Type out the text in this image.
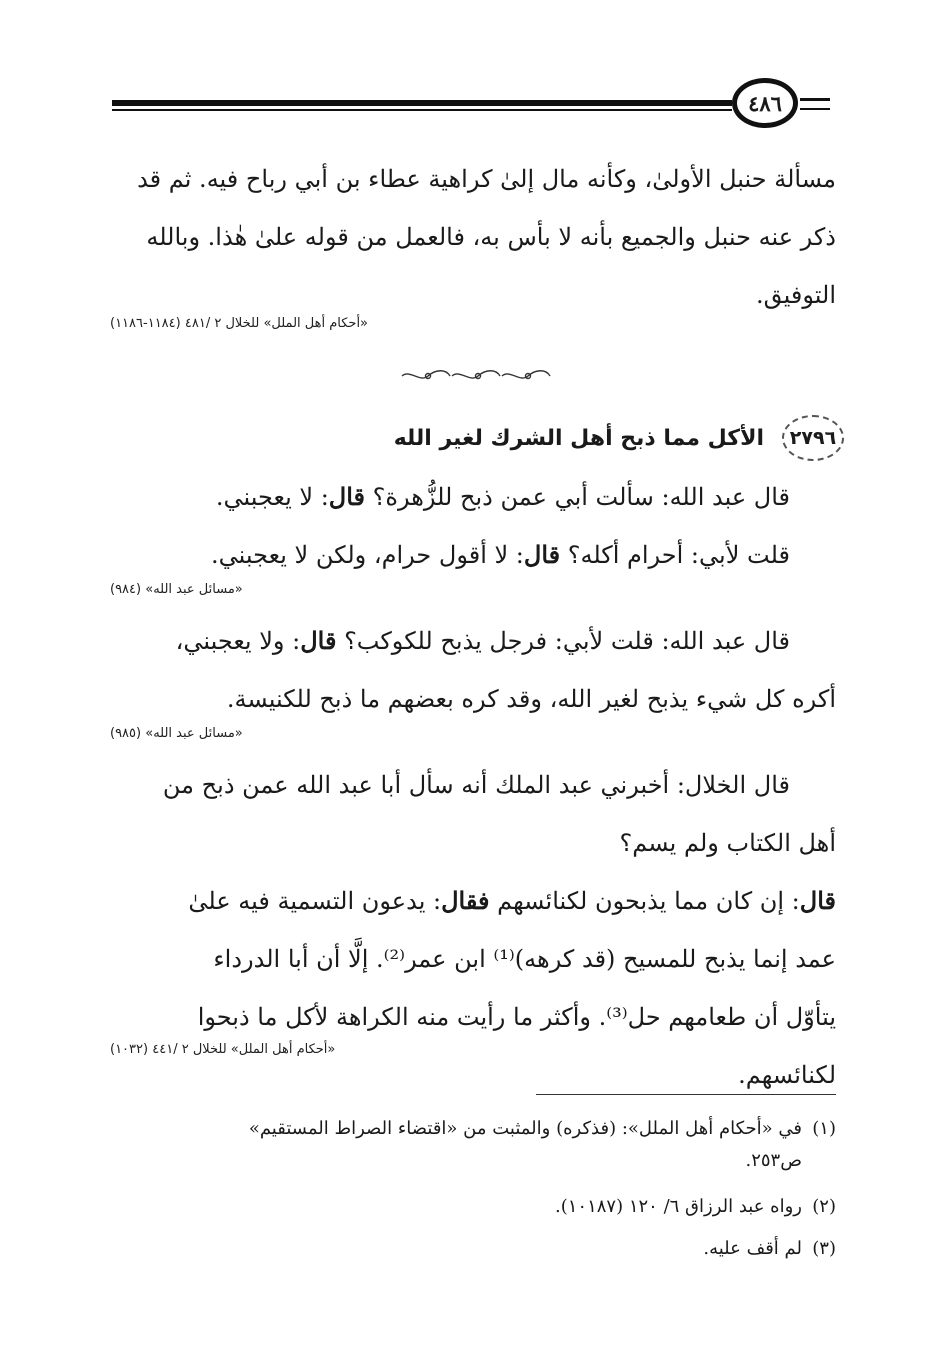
٤٨٦
مسألة حنبل الأولىٰ، وكأنه مال إلىٰ كراهية عطاء بن أبي رباح فيه. ثم قد
ذكر عنه حنبل والجميع بأنه لا بأس به، فالعمل من قوله علىٰ هٰذا. وبالله
التوفيق.
«أحكام أهل الملل» للخلال ٢ /٤٨١ (١١٨٤-١١٨٦)
٢٧٩٦
الأكل مما ذبح أهل الشرك لغير الله
قال عبد الله: سألت أبي عمن ذبح للزُّهرة؟ قال: لا يعجبني.
قلت لأبي: أحرام أكله؟ قال: لا أقول حرام، ولكن لا يعجبني.
«مسائل عبد الله» (٩٨٤)
قال عبد الله: قلت لأبي: فرجل يذبح للكوكب؟ قال: ولا يعجبني،
أكره كل شيء يذبح لغير الله، وقد كره بعضهم ما ذبح للكنيسة.
«مسائل عبد الله» (٩٨٥)
قال الخلال: أخبرني عبد الملك أنه سأل أبا عبد الله عمن ذبح من
أهل الكتاب ولم يسم؟
قال: إن كان مما يذبحون لكنائسهم فقال: يدعون التسمية فيه علىٰ
عمد إنما يذبح للمسيح (قد كرهه)⁽¹⁾ ابن عمر⁽²⁾. إلَّا أن أبا الدرداء
يتأوّل أن طعامهم حل⁽³⁾. وأكثر ما رأيت منه الكراهة لأكل ما ذبحوا
لكنائسهم.
«أحكام أهل الملل» للخلال ٢ /٤٤١ (١٠٣٢)
(١)في «أحكام أهل الملل»: (فذكره) والمثبت من «اقتضاء الصراط المستقيم»
ص٢٥٣.
(٢)رواه عبد الرزاق ٦/ ١٢٠ (١٠١٨٧).
(٣)لم أقف عليه.
